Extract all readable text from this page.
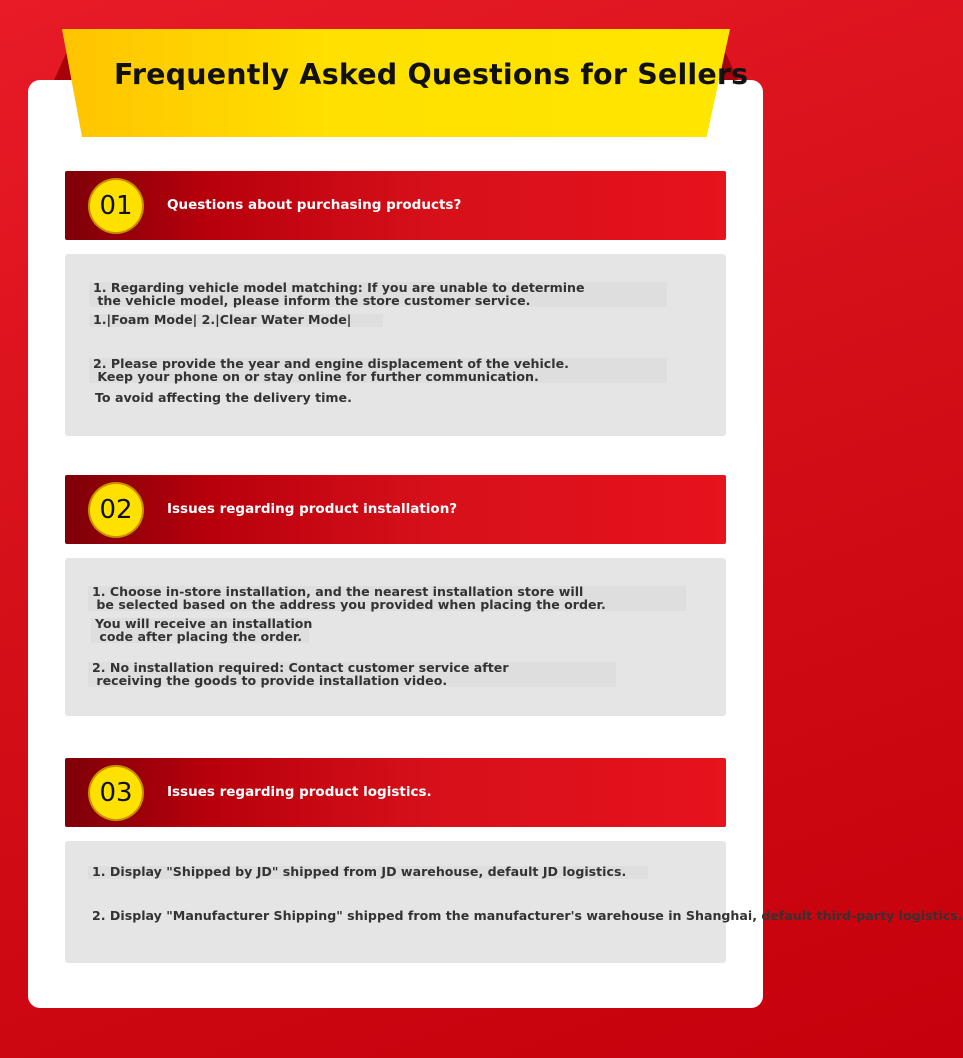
Frequently Asked Questions for Sellers
01	Questions about purchasing products?
1. Regarding vehicle model matching: If you are unable to determine
the vehicle model, please inform the store customer service.
1.|Foam Mode| 2.|Clear Water Mode|
2. Please provide the year and engine displacement of the vehicle.
Keep your phone on or stay online for further communication.
To avoid affecting the delivery time.
02	Issues regarding product installation?
1. Choose in-store installation, and the nearest installation store will
be selected based on the address you provided when placing the order.
You will receive an installation
code after placing the order.
2. No installation required: Contact customer service after
receiving the goods to provide installation video.
03	Issues regarding product logistics.
1. Display "Shipped by JD" shipped from JD warehouse, default JD logistics.
2. Display "Manufacturer Shipping" shipped from the manufacturer's warehouse in Shanghai, default third-party logistics.
